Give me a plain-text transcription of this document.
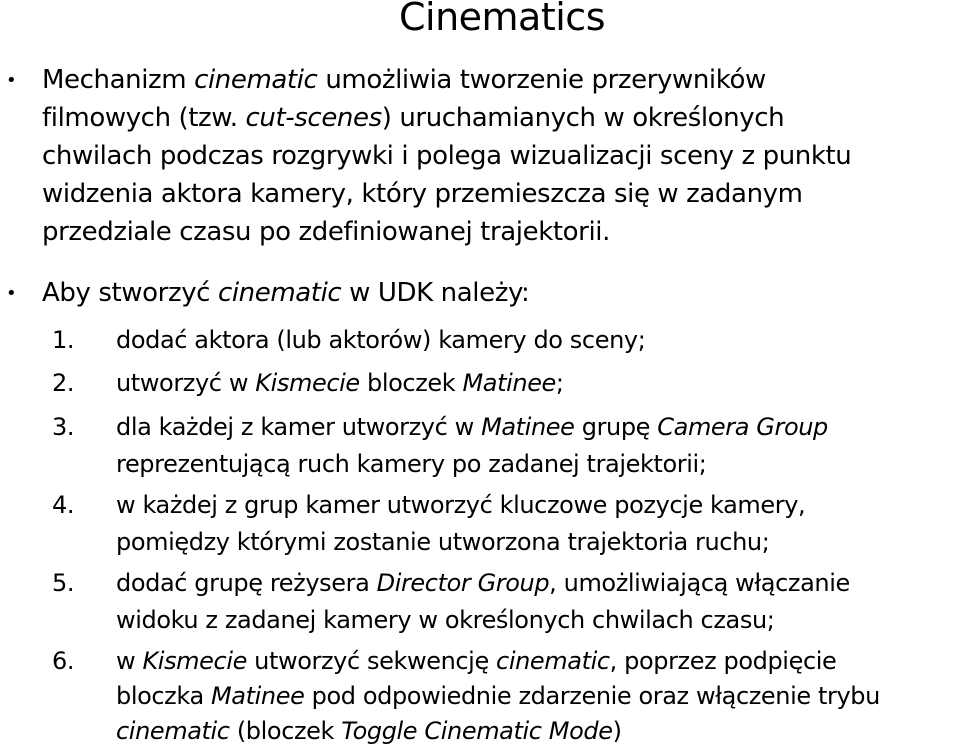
Cinematics
• Mechanizm cinematic umożliwia tworzenie przerywników
filmowych (tzw. cut-scenes) uruchamianych w określonych
chwilach podczas rozgrywki i polega wizualizacji sceny z punktu
widzenia aktora kamery, który przemieszcza się w zadanym
przedziale czasu po zdefiniowanej trajektorii.
• Aby stworzyć cinematic w UDK należy:
1. dodać aktora (lub aktorów) kamery do sceny;
2. utworzyć w Kismecie bloczek Matinee;
3. dla każdej z kamer utworzyć w Matinee grupę Camera Group
reprezentującą ruch kamery po zadanej trajektorii;
4. w każdej z grup kamer utworzyć kluczowe pozycje kamery,
pomiędzy którymi zostanie utworzona trajektoria ruchu;
5. dodać grupę reżysera Director Group, umożliwiającą włączanie
widoku z zadanej kamery w określonych chwilach czasu;
6. w Kismecie utworzyć sekwencję cinematic, poprzez podpięcie
bloczka Matinee pod odpowiednie zdarzenie oraz włączenie trybu
cinematic (bloczek Toggle Cinematic Mode)
